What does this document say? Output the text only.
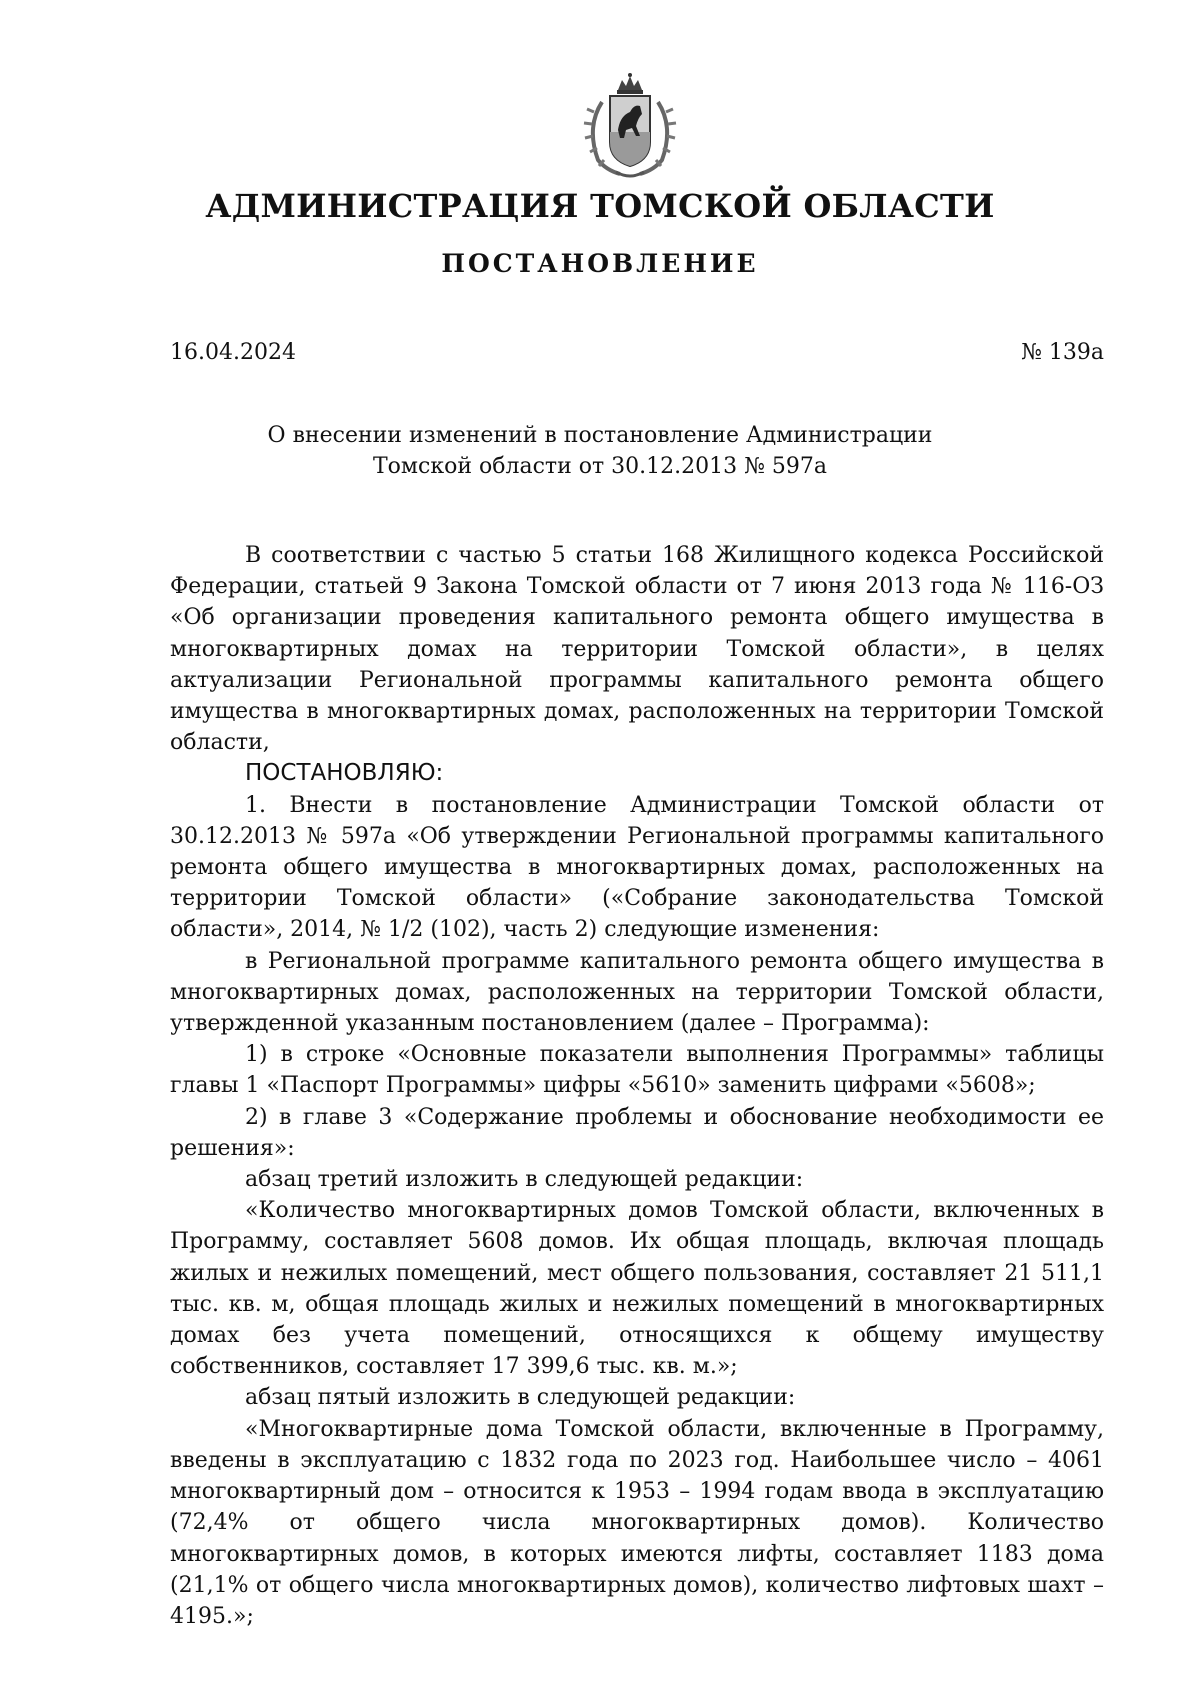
АДМИНИСТРАЦИЯ ТОМСКОЙ ОБЛАСТИ
ПОСТАНОВЛЕНИЕ
16.04.2024	№ 139а
О внесении изменений в постановление Администрации
Томской области от 30.12.2013 № 597а

В соответствии с частью 5 статьи 168 Жилищного кодекса Российской Федерации, статьей 9 Закона Томской области от 7 июня 2013 года № 116-ОЗ «Об организации проведения капитального ремонта общего имущества в многоквартирных домах на территории Томской области», в целях актуализации Региональной программы капитального ремонта общего имущества в многоквартирных домах, расположенных на территории Томской области,

ПОСТАНОВЛЯЮ:

1. Внести в постановление Администрации Томской области от 30.12.2013 № 597а «Об утверждении Региональной программы капитального ремонта общего имущества в многоквартирных домах, расположенных на территории Томской области» («Собрание законодательства Томской области», 2014, № 1/2 (102), часть 2) следующие изменения:

в Региональной программе капитального ремонта общего имущества в многоквартирных домах, расположенных на территории Томской области, утвержденной указанным постановлением (далее – Программа):

1) в строке «Основные показатели выполнения Программы» таблицы главы 1 «Паспорт Программы» цифры «5610» заменить цифрами «5608»;

2) в главе 3 «Содержание проблемы и обоснование необходимости ее решения»:

абзац третий изложить в следующей редакции:

«Количество многоквартирных домов Томской области, включенных в Программу, составляет 5608 домов. Их общая площадь, включая площадь жилых и нежилых помещений, мест общего пользования, составляет 21 511,1 тыс. кв. м, общая площадь жилых и нежилых помещений в многоквартирных домах без учета помещений, относящихся к общему имуществу собственников, составляет 17 399,6 тыс. кв. м.»;

абзац пятый изложить в следующей редакции:

«Многоквартирные дома Томской области, включенные в Программу, введены в эксплуатацию с 1832 года по 2023 год. Наибольшее число – 4061 многоквартирный дом – относится к 1953 – 1994 годам ввода в эксплуатацию (72,4% от общего числа многоквартирных домов). Количество многоквартирных домов, в которых имеются лифты, составляет 1183 дома (21,1% от общего числа многоквартирных домов), количество лифтовых шахт – 4195.»;
